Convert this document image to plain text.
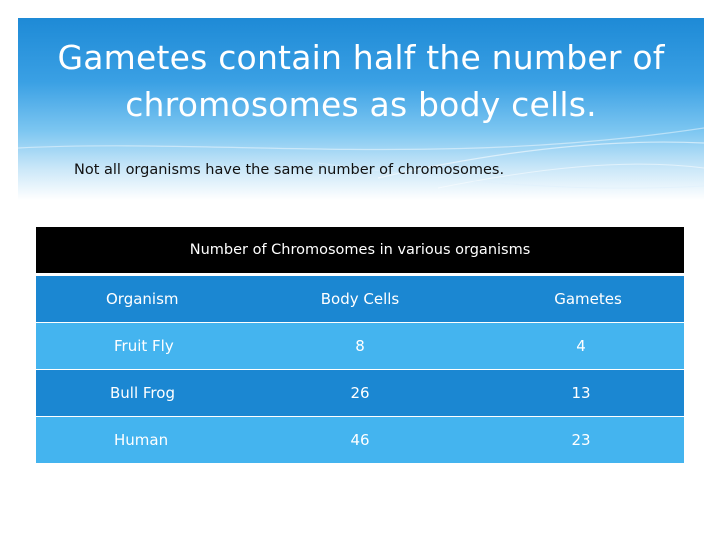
Gametes contain half the number of
chromosomes as body cells.
Not all organisms have the same number of chromosomes.
Number of Chromosomes in various organisms
Organism	Body Cells	Gametes
Fruit Fly	8	4
Bull Frog	26	13
Human	46	23
